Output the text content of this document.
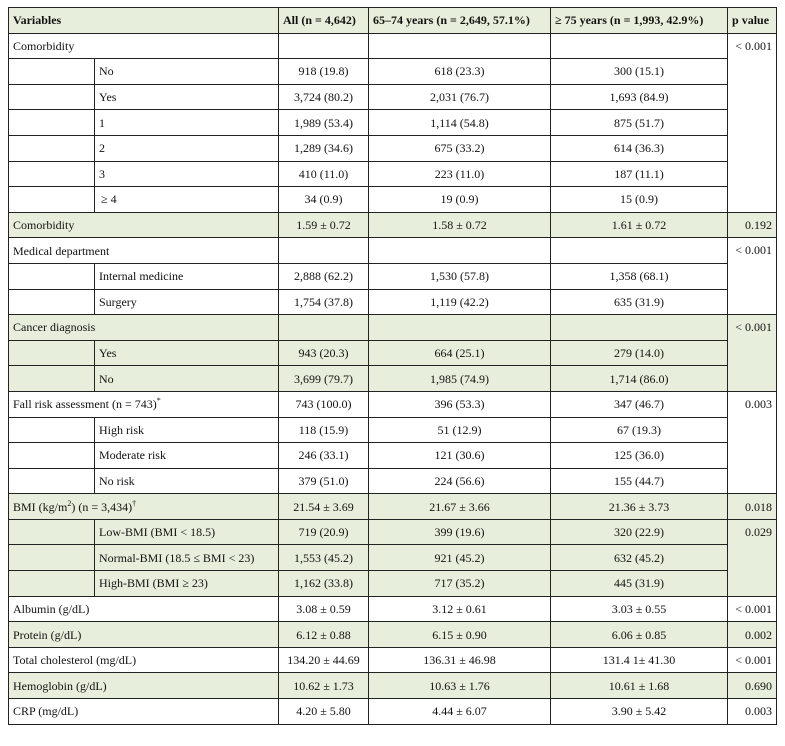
Variables		All (n = 4,642)	65–74 years (n = 2,649, 57.1%)	≥ 75 years (n = 1,993, 42.9%)	p value
Comorbidity					< 0.001
	No	918 (19.8)	618 (23.3)	300 (15.1)	
	Yes	3,724 (80.2)	2,031 (76.7)	1,693 (84.9)	
	1	1,989 (53.4)	1,114 (54.8)	875 (51.7)	
	2	1,289 (34.6)	675 (33.2)	614 (36.3)	
	3	410 (11.0)	223 (11.0)	187 (11.1)	
	≥ 4	34 (0.9)	19 (0.9)	15 (0.9)	
Comorbidity		1.59 ± 0.72	1.58 ± 0.72	1.61 ± 0.72	0.192
Medical department					< 0.001
	Internal medicine	2,888 (62.2)	1,530 (57.8)	1,358 (68.1)	
	Surgery	1,754 (37.8)	1,119 (42.2)	635 (31.9)	
Cancer diagnosis					< 0.001
	Yes	943 (20.3)	664 (25.1)	279 (14.0)	
	No	3,699 (79.7)	1,985 (74.9)	1,714 (86.0)	
Fall risk assessment (n = 743)*		743 (100.0)	396 (53.3)	347 (46.7)	0.003
	High risk	118 (15.9)	51 (12.9)	67 (19.3)	
	Moderate risk	246 (33.1)	121 (30.6)	125 (36.0)	
	No risk	379 (51.0)	224 (56.6)	155 (44.7)	
BMI $(kg/m^2) (n = 3,434)^\dagger$		21.54 ± 3.69	21.67 ± 3.66	21.36 ± 3.73	0.018
	Low-BMI (BMI < 18.5)	719 (20.9)	399 (19.6)	320 (22.9)	0.029
	Normal-BMI (18.5 ≤ BMI < 23)	1,553 (45.2)	921 (45.2)	632 (45.2)	
	High-BMI (BMI ≥ 23)	1,162 (33.8)	717 (35.2)	445 (31.9)	
Albumin (g/dL)		3.08 ± 0.59	3.12 ± 0.61	3.03 ± 0.55	< 0.001
Protein (g/dL)		6.12 ± 0.88	6.15 ± 0.90	6.06 ± 0.85	0.002
Total cholesterol (mg/dL)		134.20 ± 44.69	136.31 ± 46.98	131.4 1± 41.30	< 0.001
Hemoglobin (g/dL)		10.62 ± 1.73	10.63 ± 1.76	10.61 ± 1.68	0.690
CRP (mg/dL)		4.20 ± 5.80	4.44 ± 6.07	3.90 ± 5.42	0.003
